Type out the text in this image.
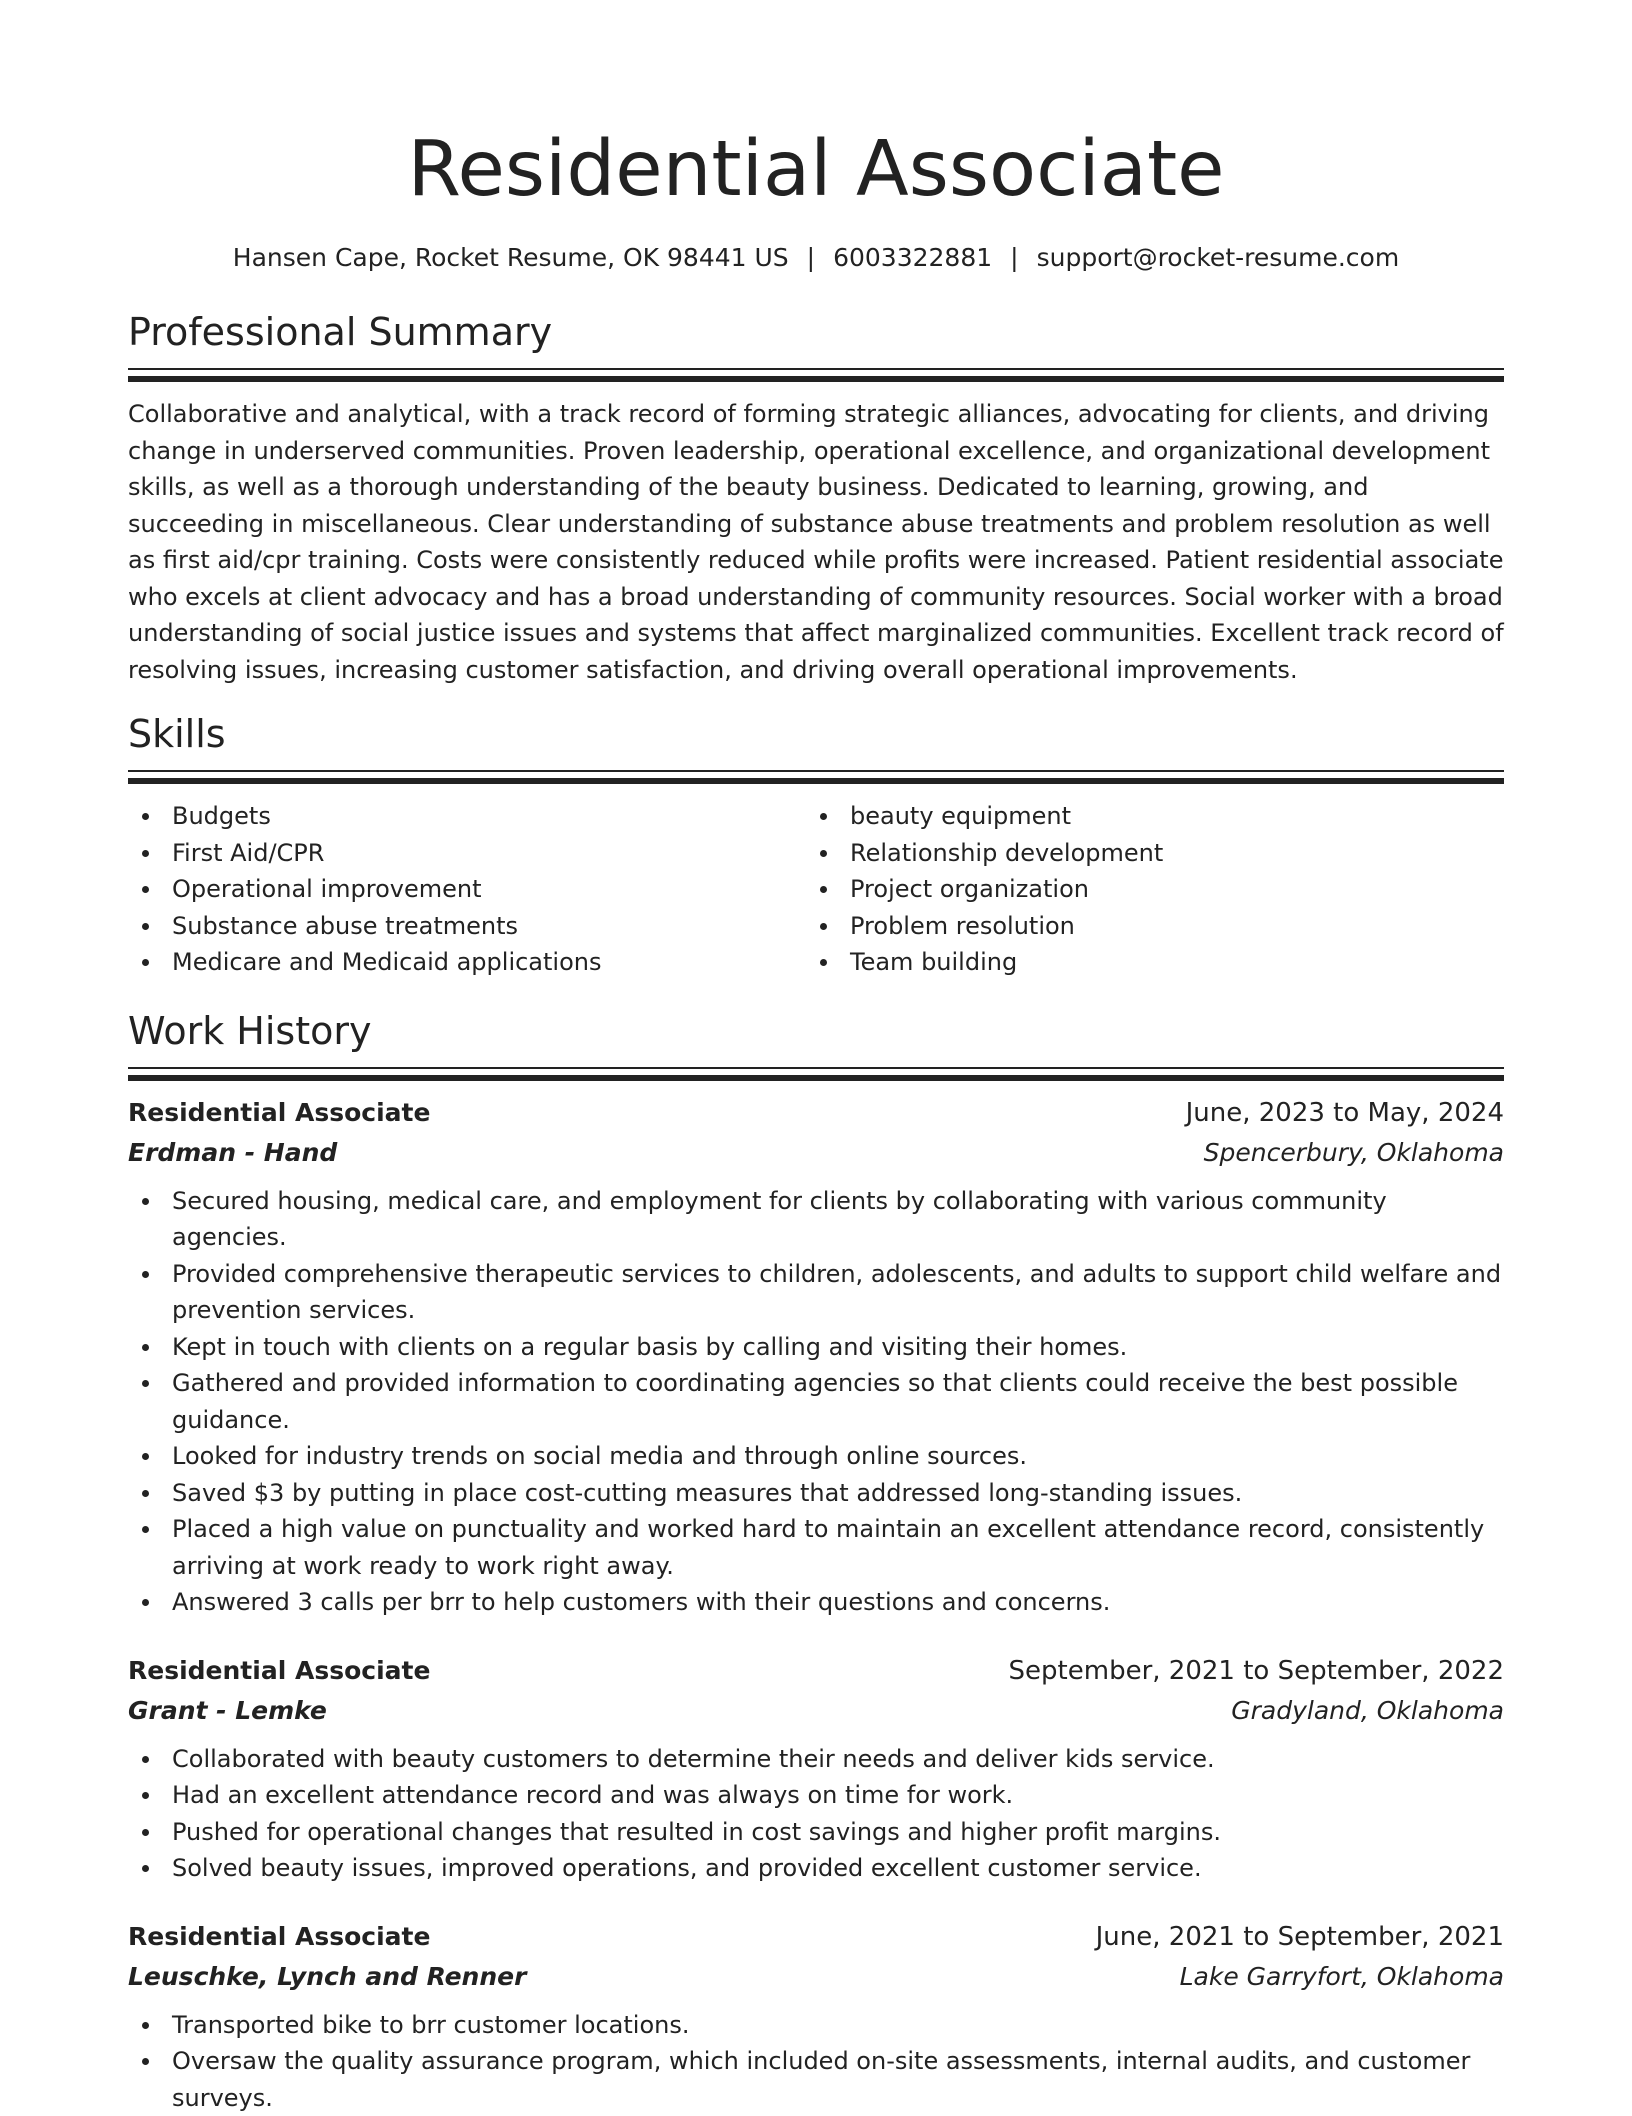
Residential Associate
Hansen Cape, Rocket Resume, OK 98441 US | 6003322881 | support@rocket-resume.com
Professional Summary

Collaborative and analytical, with a track record of forming strategic alliances, advocating for clients, and driving change in underserved communities. Proven leadership, operational excellence, and organizational development skills, as well as a thorough understanding of the beauty business. Dedicated to learning, growing, and succeeding in miscellaneous. Clear understanding of substance abuse treatments and problem resolution as well as first aid/cpr training. Costs were consistently reduced while profits were increased. Patient residential associate who excels at client advocacy and has a broad understanding of community resources. Social worker with a broad understanding of social justice issues and systems that affect marginalized communities. Excellent track record of resolving issues, increasing customer satisfaction, and driving overall operational improvements.

Skills
Budgets
First Aid/CPR
Operational improvement
Substance abuse treatments
Medicare and Medicaid applications
beauty equipment
Relationship development
Project organization
Problem resolution
Team building
Work History
Residential Associate	June, 2023 to May, 2024
Erdman - Hand	Spencerbury, Oklahoma
Secured housing, medical care, and employment for clients by collaborating with various community agencies.
Provided comprehensive therapeutic services to children, adolescents, and adults to support child welfare and prevention services.
Kept in touch with clients on a regular basis by calling and visiting their homes.
Gathered and provided information to coordinating agencies so that clients could receive the best possible guidance.
Looked for industry trends on social media and through online sources.
Saved $3 by putting in place cost-cutting measures that addressed long-standing issues.
Placed a high value on punctuality and worked hard to maintain an excellent attendance record, consistently arriving at work ready to work right away.
Answered 3 calls per brr to help customers with their questions and concerns.
Residential Associate	September, 2021 to September, 2022
Grant - Lemke	Gradyland, Oklahoma
Collaborated with beauty customers to determine their needs and deliver kids service.
Had an excellent attendance record and was always on time for work.
Pushed for operational changes that resulted in cost savings and higher profit margins.
Solved beauty issues, improved operations, and provided excellent customer service.
Residential Associate	June, 2021 to September, 2021
Leuschke, Lynch and Renner	Lake Garryfort, Oklahoma
Transported bike to brr customer locations.
Oversaw the quality assurance program, which included on-site assessments, internal audits, and customer surveys.
